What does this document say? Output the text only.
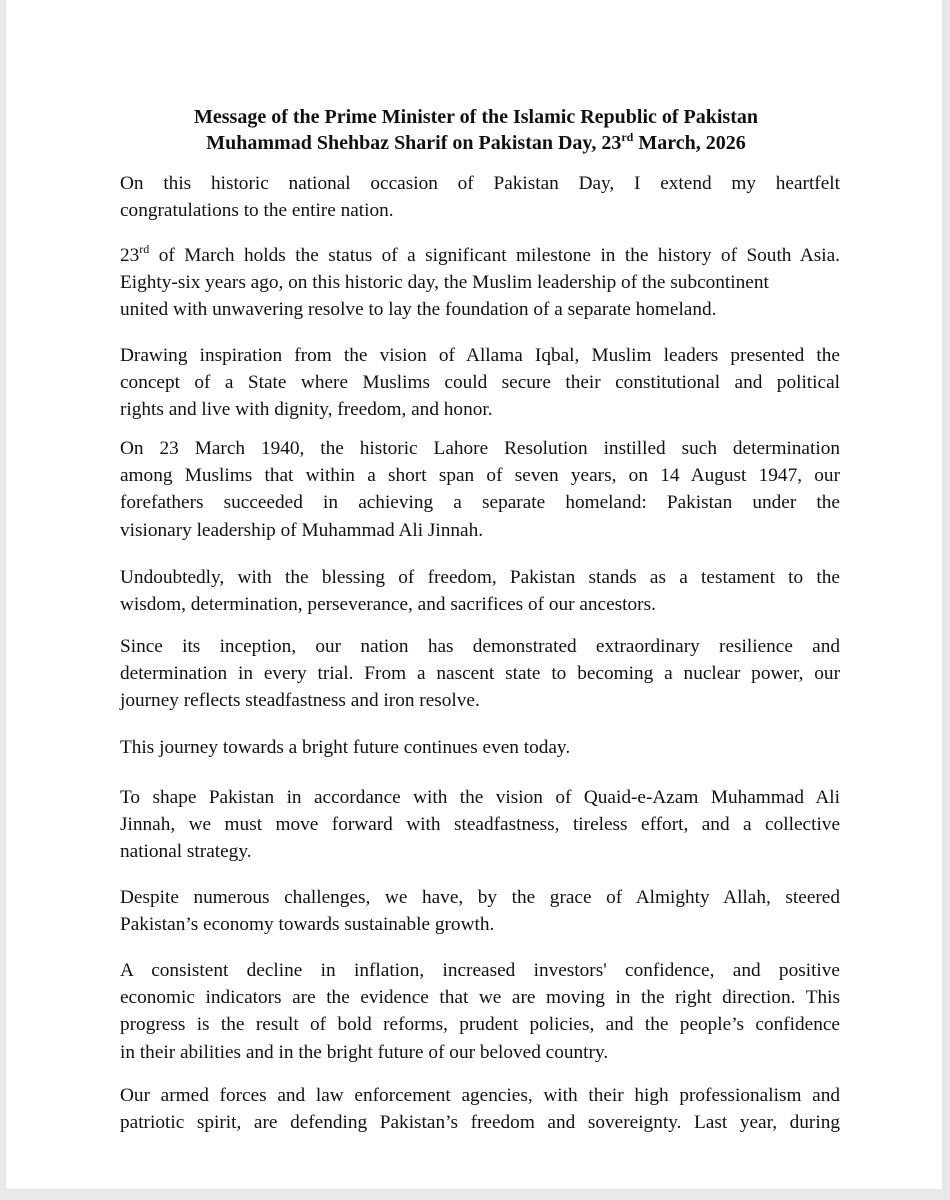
Message of the Prime Minister of the Islamic Republic of Pakistan
Muhammad Shehbaz Sharif on Pakistan Day, 23rd March, 2026
On this historic national occasion of Pakistan Day, I extend my heartfelt
congratulations to the entire nation.
23rd of March holds the status of a significant milestone in the history of South Asia.
Eighty-six years ago, on this historic day, the Muslim leadership of the subcontinent
united with unwavering resolve to lay the foundation of a separate homeland.
Drawing inspiration from the vision of Allama Iqbal, Muslim leaders presented the
concept of a State where Muslims could secure their constitutional and political
rights and live with dignity, freedom, and honor.
On 23 March 1940, the historic Lahore Resolution instilled such determination
among Muslims that within a short span of seven years, on 14 August 1947, our
forefathers succeeded in achieving a separate homeland: Pakistan under the
visionary leadership of Muhammad Ali Jinnah.
Undoubtedly, with the blessing of freedom, Pakistan stands as a testament to the
wisdom, determination, perseverance, and sacrifices of our ancestors.
Since its inception, our nation has demonstrated extraordinary resilience and
determination in every trial. From a nascent state to becoming a nuclear power, our
journey reflects steadfastness and iron resolve.
This journey towards a bright future continues even today.
To shape Pakistan in accordance with the vision of Quaid-e-Azam Muhammad Ali
Jinnah, we must move forward with steadfastness, tireless effort, and a collective
national strategy.
Despite numerous challenges, we have, by the grace of Almighty Allah, steered
Pakistan’s economy towards sustainable growth.
A consistent decline in inflation, increased investors' confidence, and positive
economic indicators are the evidence that we are moving in the right direction. This
progress is the result of bold reforms, prudent policies, and the people’s confidence
in their abilities and in the bright future of our beloved country.
Our armed forces and law enforcement agencies, with their high professionalism and
patriotic spirit, are defending Pakistan’s freedom and sovereignty. Last year, during
